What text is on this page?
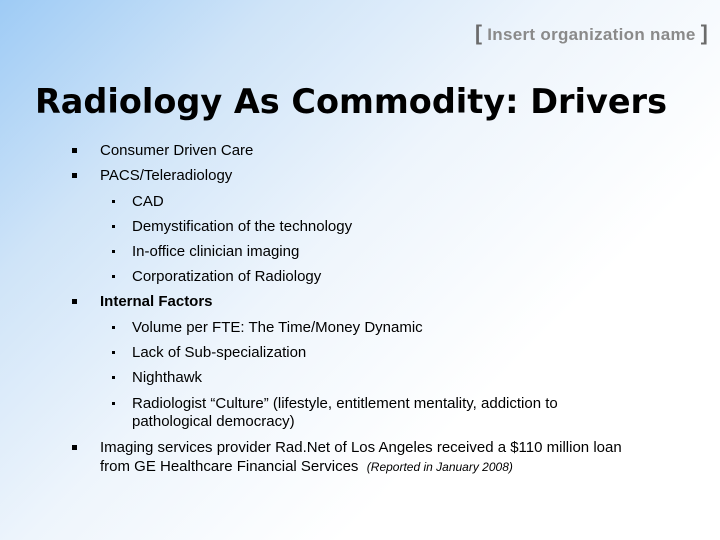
[ Insert organization name ]
Radiology As Commodity: Drivers
Consumer Driven Care
PACS/Teleradiology
CAD
Demystification of the technology
In-office clinician imaging
Corporatization of Radiology
Internal Factors
Volume per FTE: The Time/Money Dynamic
Lack of Sub-specialization
Nighthawk
Radiologist “Culture” (lifestyle, entitlement mentality, addiction to
pathological democracy)
Imaging services provider Rad.Net of Los Angeles received a $110 million loan
from GE Healthcare Financial Services (Reported in January 2008)
